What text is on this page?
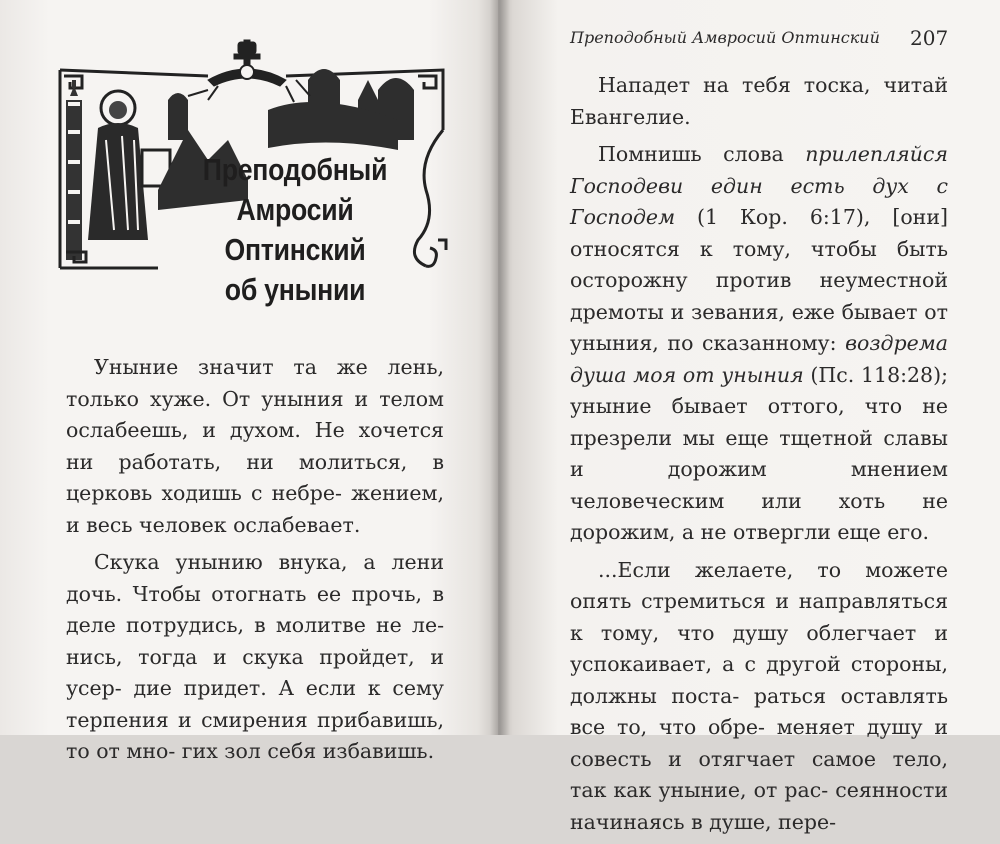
Преподобный
Амросий
Оптинский
об унынии

Уныние значит та же лень, только хуже. От уныния и телом ослабеешь, и духом. Не хочется ни работать, ни молиться, в церковь ходишь с небре- жением, и весь человек ослабевает.

Скука унынию внука, а лени дочь. Чтобы отогнать ее прочь, в деле потрудись, в молитве не ле- нись, тогда и скука пройдет, и усер- дие придет. А если к сему терпения и смирения прибавишь, то от мно- гих зол себя избавишь.

Преподобный Амвросий Оптинский 207

Нападет на тебя тоска, читай Евангелие.

Помнишь слова прилепляйся Господеви един есть дух с Господем (1 Кор. 6:17), [они] относятся к тому, чтобы быть осторожну против неуместной дремоты и зевания, еже бывает от уныния, по сказанному: воздрема душа моя от уныния (Пс. 118:28); уныние бывает оттого, что не презрели мы еще тщетной славы и дорожим мнением человеческим или хоть не дорожим, а не отвергли еще его.

...Если желаете, то можете опять стремиться и направляться к тому, что душу облегчает и успокаивает, а с другой стороны, должны поста- раться оставлять все то, что обре- меняет душу и совесть и отягчает самое тело, так как уныние, от рас- сеянности начинаясь в душе, пере-
